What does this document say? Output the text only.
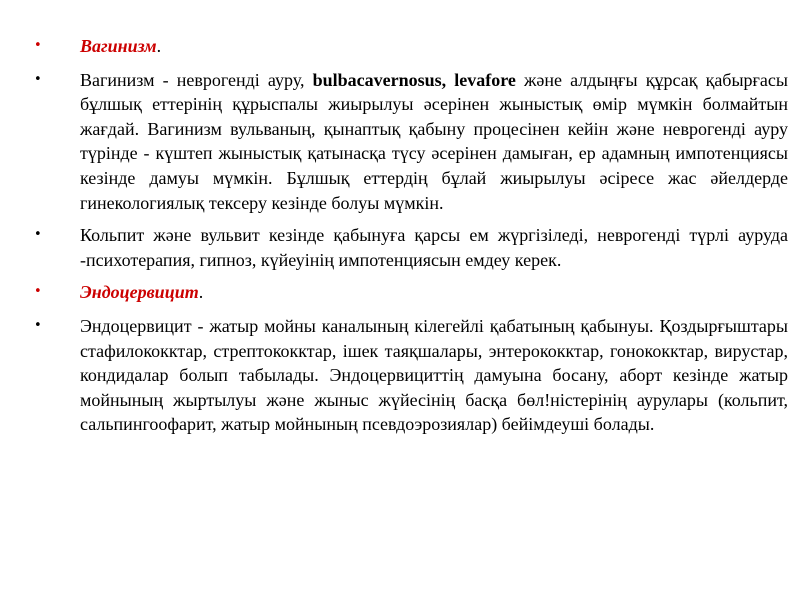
• Вагинизм.
• Вагинизм - неврогенді ауру, bulbacavernosus, levafore және алдыңғы құрсақ қабырғасы бұлшық еттерінің құрыспалы жиырылуы әсерінен жыныстық өмір мүмкін болмайтын жағдай. Вагинизм вульваның, қынаптық қабыну процесінен кейін және неврогенді ауру түрінде - күштеп жыныстық қатынасқа түсу әсерінен дамыған, ер адамның импотенциясы кезінде дамуы мүмкін. Бұлшық еттердің бұлай жиырылуы әсіресе жас әйелдерде гинекологиялық тексеру кезінде болуы мүмкін.
• Кольпит және вульвит кезінде қабынуға қарсы ем жүргізіледі, неврогенді түрлі ауруда -психотерапия, гипноз, күйеуінің импотенциясын емдеу керек.
• Эндоцервицит.
• Эндоцервицит - жатыр мойны каналының кілегейлі қабатының қабынуы. Қоздырғыштары стафилококктар, стрептококктар, ішек таяқшалары, энтерококктар, гонококктар, вирустар, кондидалар болып табылады. Эндоцервициттің дамуына босану, аборт кезінде жатыр мойнының жыртылуы және жыныс жүйесінің басқа бөл!ністерінің аурулары (кольпит, сальпингоофарит, жатыр мойнының псевдоэрозиялар) бейімдеуші болады.
